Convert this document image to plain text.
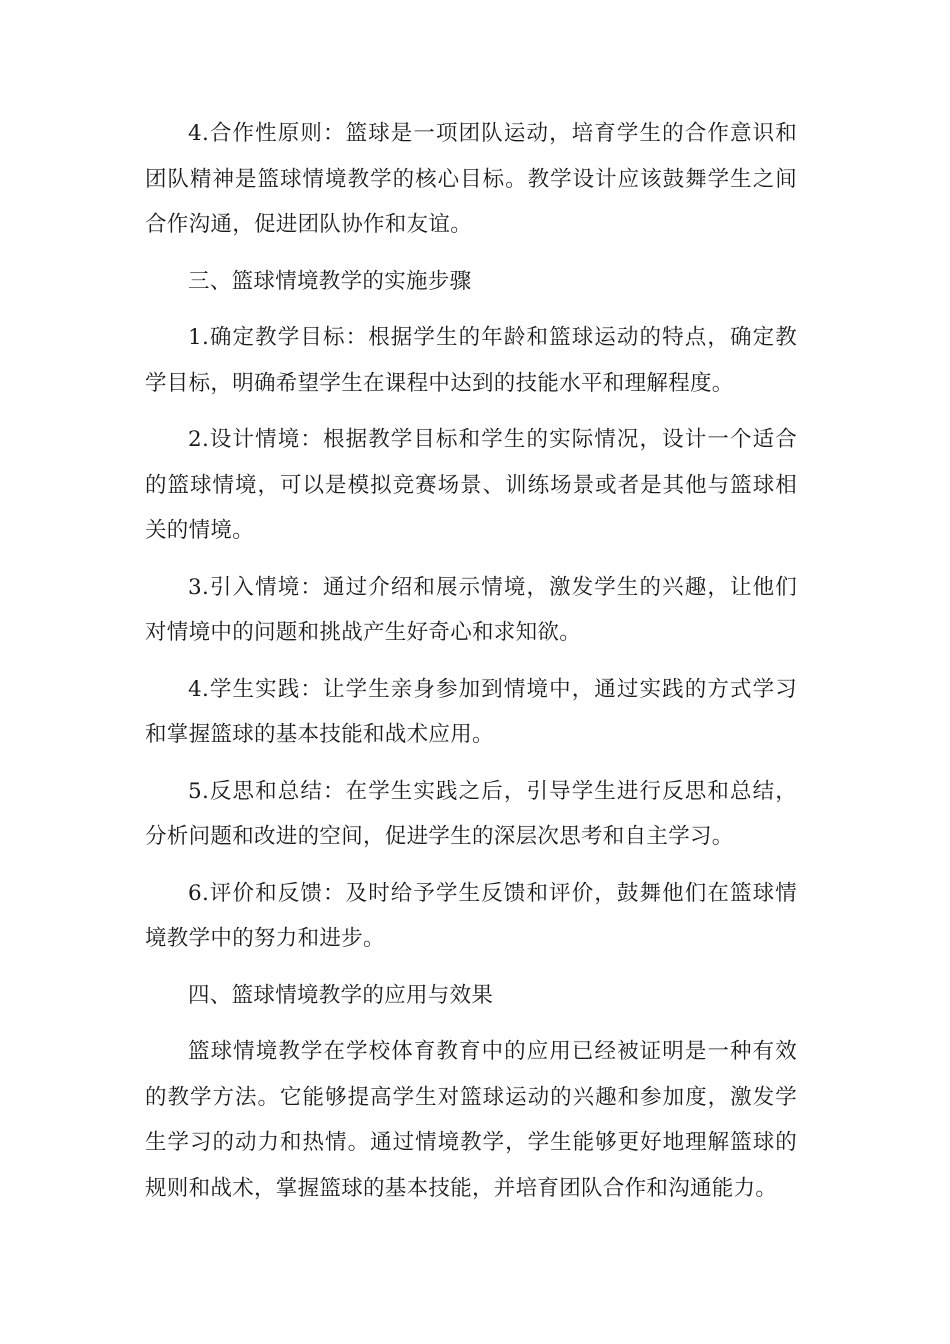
4.合作性原则：篮球是一项团队运动，培育学生的合作意识和团队精神是篮球情境教学的核心目标。教学设计应该鼓舞学生之间合作沟通，促进团队协作和友谊。

三、篮球情境教学的实施步骤

1.确定教学目标：根据学生的年龄和篮球运动的特点，确定教学目标，明确希望学生在课程中达到的技能水平和理解程度。

2.设计情境：根据教学目标和学生的实际情况，设计一个适合的篮球情境，可以是模拟竞赛场景、训练场景或者是其他与篮球相关的情境。

3.引入情境：通过介绍和展示情境，激发学生的兴趣，让他们对情境中的问题和挑战产生好奇心和求知欲。

4.学生实践：让学生亲身参加到情境中，通过实践的方式学习和掌握篮球的基本技能和战术应用。

5.反思和总结：在学生实践之后，引导学生进行反思和总结，分析问题和改进的空间，促进学生的深层次思考和自主学习。

6.评价和反馈：及时给予学生反馈和评价，鼓舞他们在篮球情境教学中的努力和进步。

四、篮球情境教学的应用与效果

篮球情境教学在学校体育教育中的应用已经被证明是一种有效的教学方法。它能够提高学生对篮球运动的兴趣和参加度，激发学生学习的动力和热情。通过情境教学，学生能够更好地理解篮球的规则和战术，掌握篮球的基本技能，并培育团队合作和沟通能力。
